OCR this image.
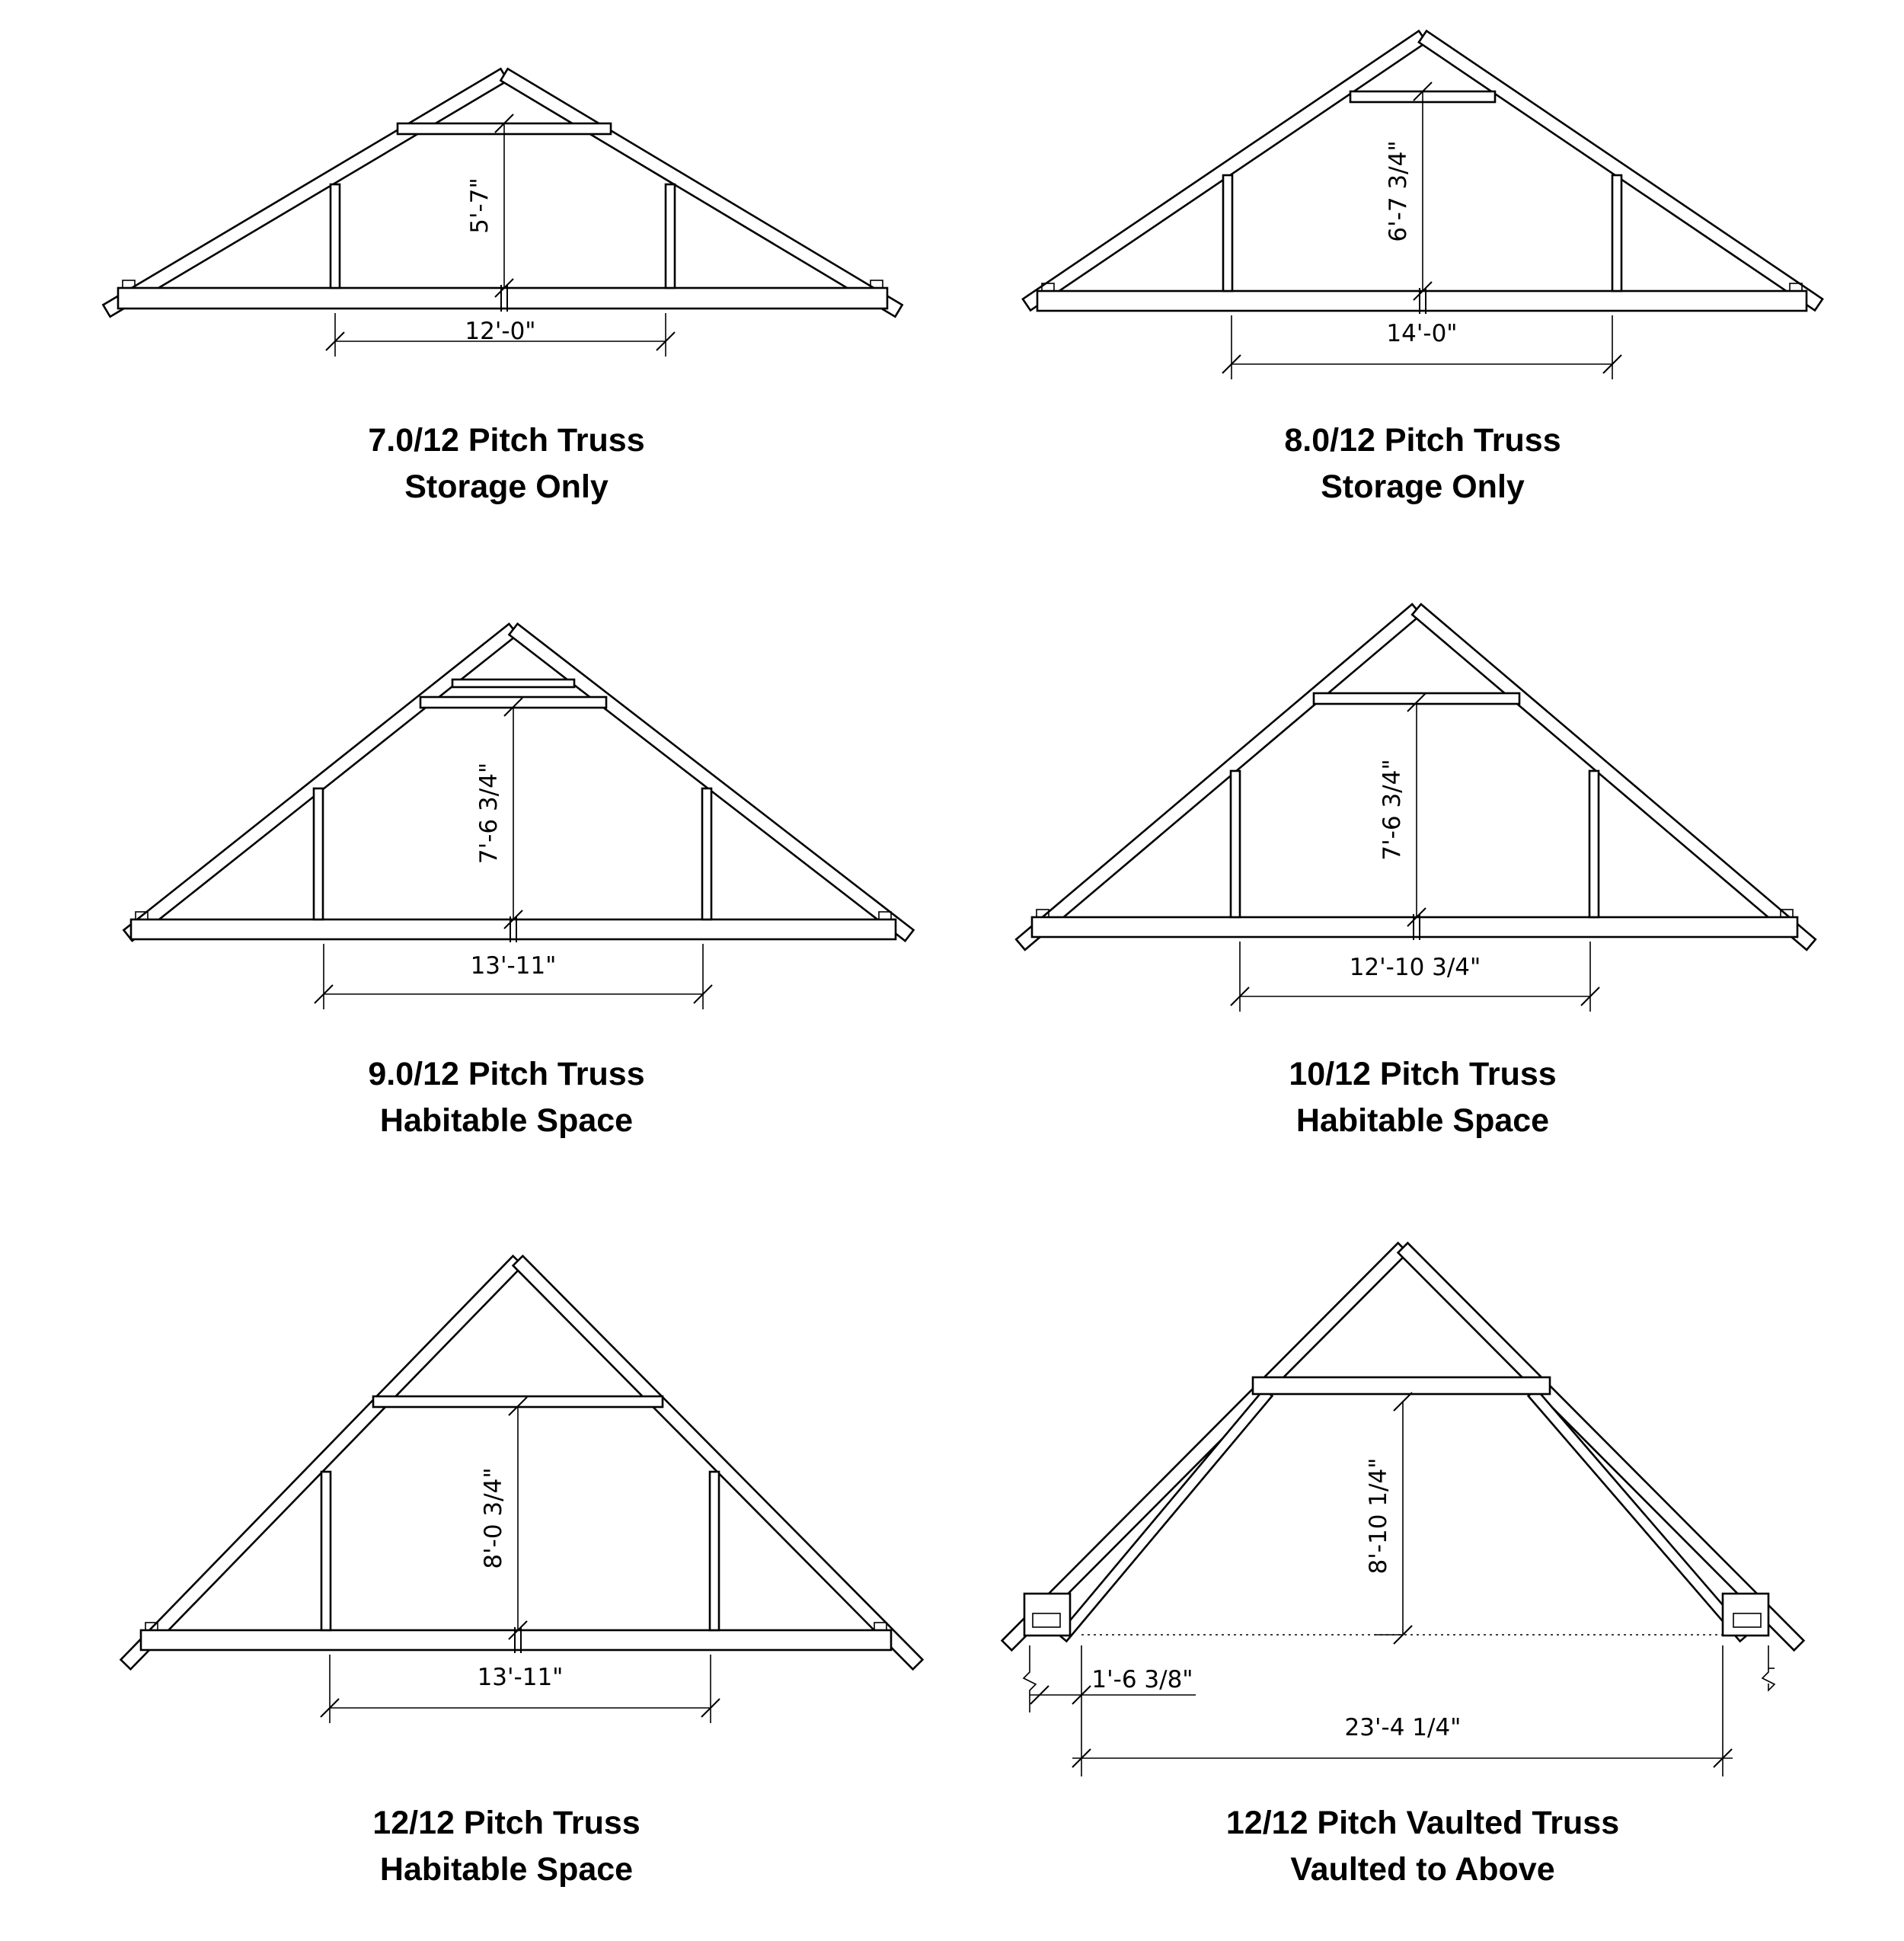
5'-7"
12'-0"
6'-7 3/4"
14'-0"
7'-6 3/4"
13'-11"
7'-6 3/4"
12'-10 3/4"
8'-0 3/4"
13'-11"
8'-10 1/4"
1'-6 3/8"
23'-4 1/4"
7.0/12 Pitch Truss
Storage Only
8.0/12 Pitch Truss
Storage Only
9.0/12 Pitch Truss
Habitable Space
10/12 Pitch Truss
Habitable Space
12/12 Pitch Truss
Habitable Space
12/12 Pitch Vaulted Truss
Vaulted to Above
